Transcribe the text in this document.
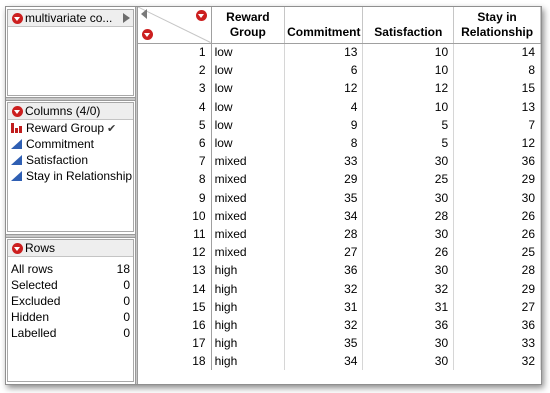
multivariate co...
Columns (4/0)
Reward Group ✔
Commitment
Satisfaction
Stay in Relationship
Rows
All rows	18
Selected	0
Excluded	0
Hidden	0
Labelled	0
	Reward Group	Commitment	Satisfaction	Stay in Relationship
1	low	13	10	14
2	low	6	10	8
3	low	12	12	15
4	low	4	10	13
5	low	9	5	7
6	low	8	5	12
7	mixed	33	30	36
8	mixed	29	25	29
9	mixed	35	30	30
10	mixed	34	28	26
11	mixed	28	30	26
12	mixed	27	26	25
13	high	36	30	28
14	high	32	32	29
15	high	31	31	27
16	high	32	36	36
17	high	35	30	33
18	high	34	30	32
